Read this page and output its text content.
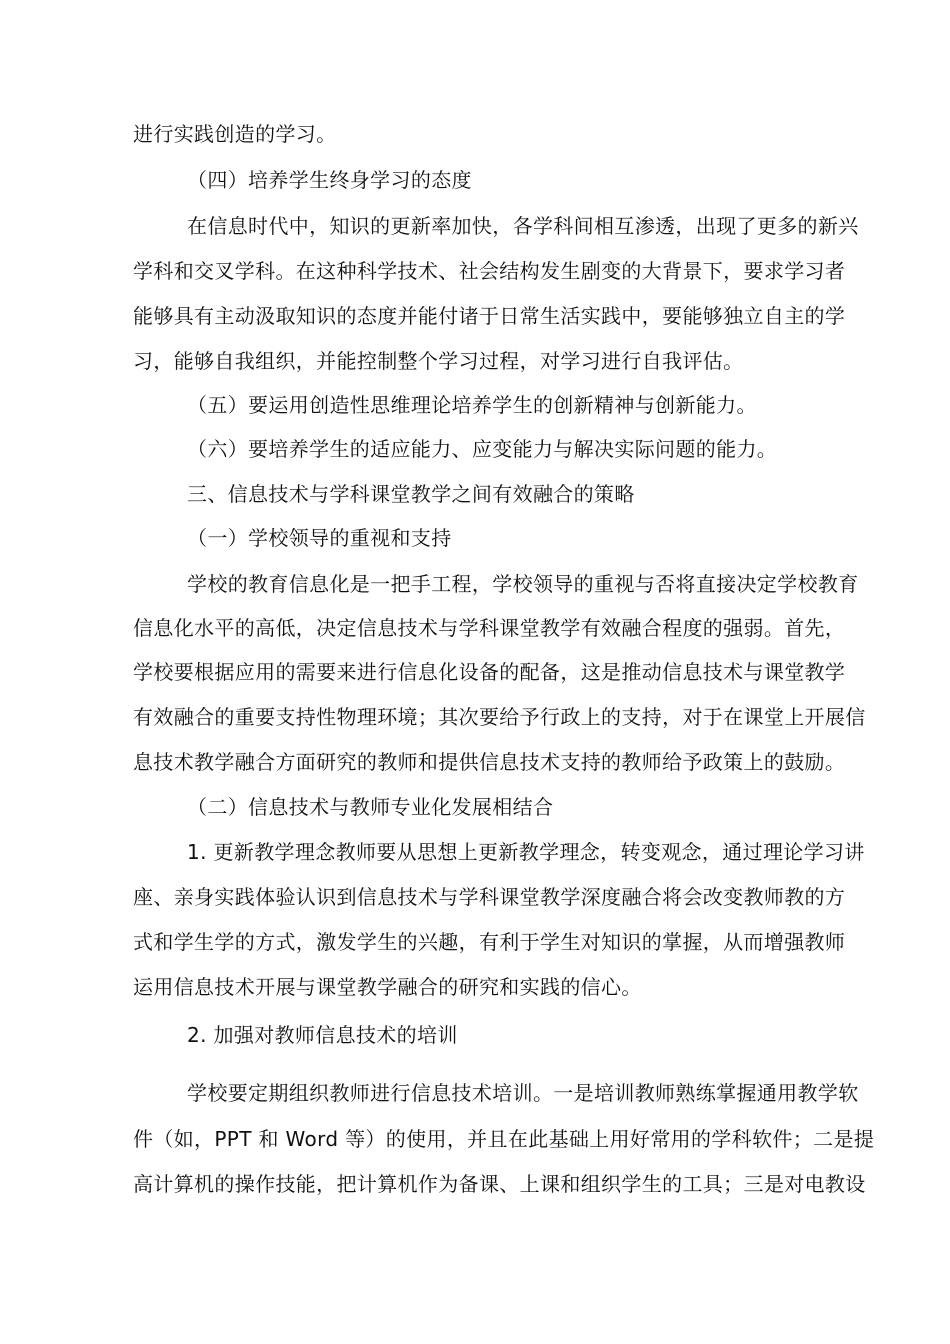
进行实践创造的学习。
（四）培养学生终身学习的态度
在信息时代中，知识的更新率加快，各学科间相互渗透，出现了更多的新兴
学科和交叉学科。在这种科学技术、社会结构发生剧变的大背景下，要求学习者
能够具有主动汲取知识的态度并能付诸于日常生活实践中，要能够独立自主的学
习，能够自我组织，并能控制整个学习过程，对学习进行自我评估。
（五）要运用创造性思维理论培养学生的创新精神与创新能力。
（六）要培养学生的适应能力、应变能力与解决实际问题的能力。
三、信息技术与学科课堂教学之间有效融合的策略
（一）学校领导的重视和支持
学校的教育信息化是一把手工程，学校领导的重视与否将直接决定学校教育
信息化水平的高低，决定信息技术与学科课堂教学有效融合程度的强弱。首先，
学校要根据应用的需要来进行信息化设备的配备，这是推动信息技术与课堂教学
有效融合的重要支持性物理环境；其次要给予行政上的支持，对于在课堂上开展信
息技术教学融合方面研究的教师和提供信息技术支持的教师给予政策上的鼓励。
（二）信息技术与教师专业化发展相结合
1. 更新教学理念教师要从思想上更新教学理念，转变观念，通过理论学习讲
座、亲身实践体验认识到信息技术与学科课堂教学深度融合将会改变教师教的方
式和学生学的方式，激发学生的兴趣，有利于学生对知识的掌握，从而增强教师
运用信息技术开展与课堂教学融合的研究和实践的信心。
2. 加强对教师信息技术的培训
学校要定期组织教师进行信息技术培训。一是培训教师熟练掌握通用教学软
件（如，PPT 和 Word 等）的使用，并且在此基础上用好常用的学科软件；二是提
高计算机的操作技能，把计算机作为备课、上课和组织学生的工具；三是对电教设
